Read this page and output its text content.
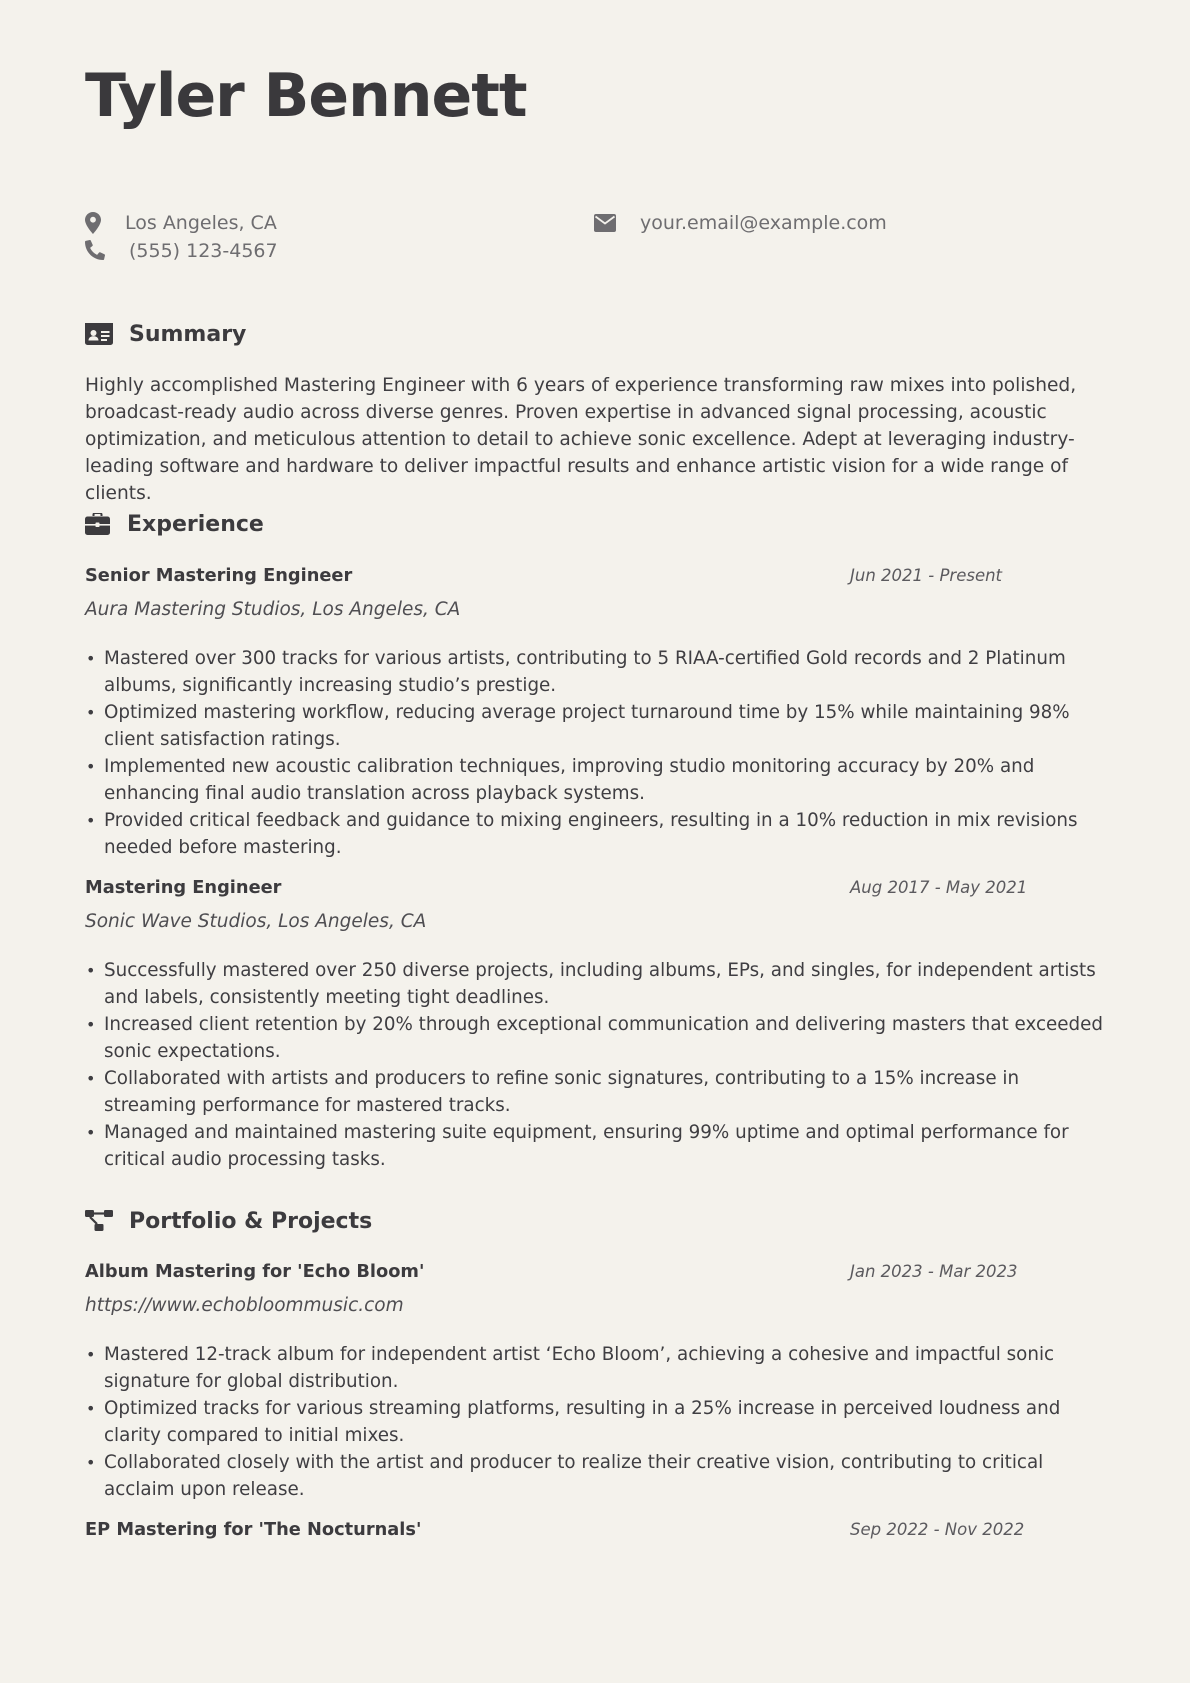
Tyler Bennett
Los Angeles, CA	your.email@example.com
(555) 123-4567
Summary

Highly accomplished Mastering Engineer with 6 years of experience transforming raw mixes into polished, broadcast-ready audio across diverse genres. Proven expertise in advanced signal processing, acoustic optimization, and meticulous attention to detail to achieve sonic excellence. Adept at leveraging industry-leading software and hardware to deliver impactful results and enhance artistic vision for a wide range of clients.

Experience
Senior Mastering Engineer	Jun 2021 - Present
Aura Mastering Studios, Los Angeles, CA
• Mastered over 300 tracks for various artists, contributing to 5 RIAA-certified Gold records and 2 Platinum albums, significantly increasing studio’s prestige.
• Optimized mastering workflow, reducing average project turnaround time by 15% while maintaining 98% client satisfaction ratings.
• Implemented new acoustic calibration techniques, improving studio monitoring accuracy by 20% and enhancing final audio translation across playback systems.
• Provided critical feedback and guidance to mixing engineers, resulting in a 10% reduction in mix revisions needed before mastering.
Mastering Engineer	Aug 2017 - May 2021
Sonic Wave Studios, Los Angeles, CA
• Successfully mastered over 250 diverse projects, including albums, EPs, and singles, for independent artists and labels, consistently meeting tight deadlines.
• Increased client retention by 20% through exceptional communication and delivering masters that exceeded sonic expectations.
• Collaborated with artists and producers to refine sonic signatures, contributing to a 15% increase in streaming performance for mastered tracks.
• Managed and maintained mastering suite equipment, ensuring 99% uptime and optimal performance for critical audio processing tasks.
Portfolio & Projects
Album Mastering for 'Echo Bloom'	Jan 2023 - Mar 2023
https://www.echobloommusic.com
• Mastered 12-track album for independent artist ‘Echo Bloom’, achieving a cohesive and impactful sonic signature for global distribution.
• Optimized tracks for various streaming platforms, resulting in a 25% increase in perceived loudness and clarity compared to initial mixes.
• Collaborated closely with the artist and producer to realize their creative vision, contributing to critical acclaim upon release.
EP Mastering for 'The Nocturnals'	Sep 2022 - Nov 2022
